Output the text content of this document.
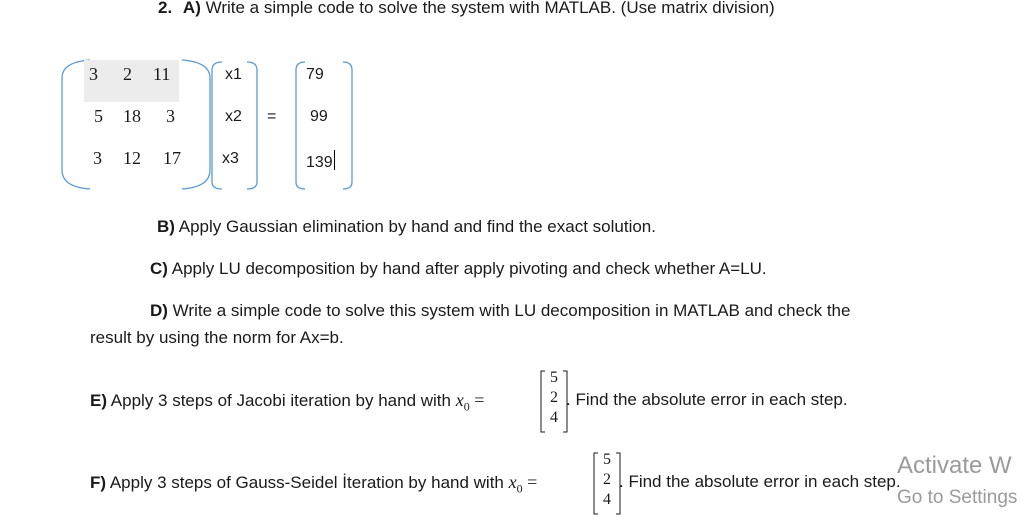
2. A) Write a simple code to solve the system with MATLAB. (Use matrix division)
3 2 11
5 18 3
3 12 17
x1
x2
x3
=
79
99
139
B) Apply Gaussian elimination by hand and find the exact solution.
C) Apply LU decomposition by hand after apply pivoting and check whether A=LU.
D) Write a simple code to solve this system with LU decomposition in MATLAB and check the
result by using the norm for Ax=b.
E) Apply 3 steps of Jacobi iteration by hand with $x_0$ =
5
2
4
. Find the absolute error in each step.
F) Apply 3 steps of Gauss-Seidel İteration by hand with $x_0$ =
5
2
4
. Find the absolute error in each step.
Activate W
Go to Settings
